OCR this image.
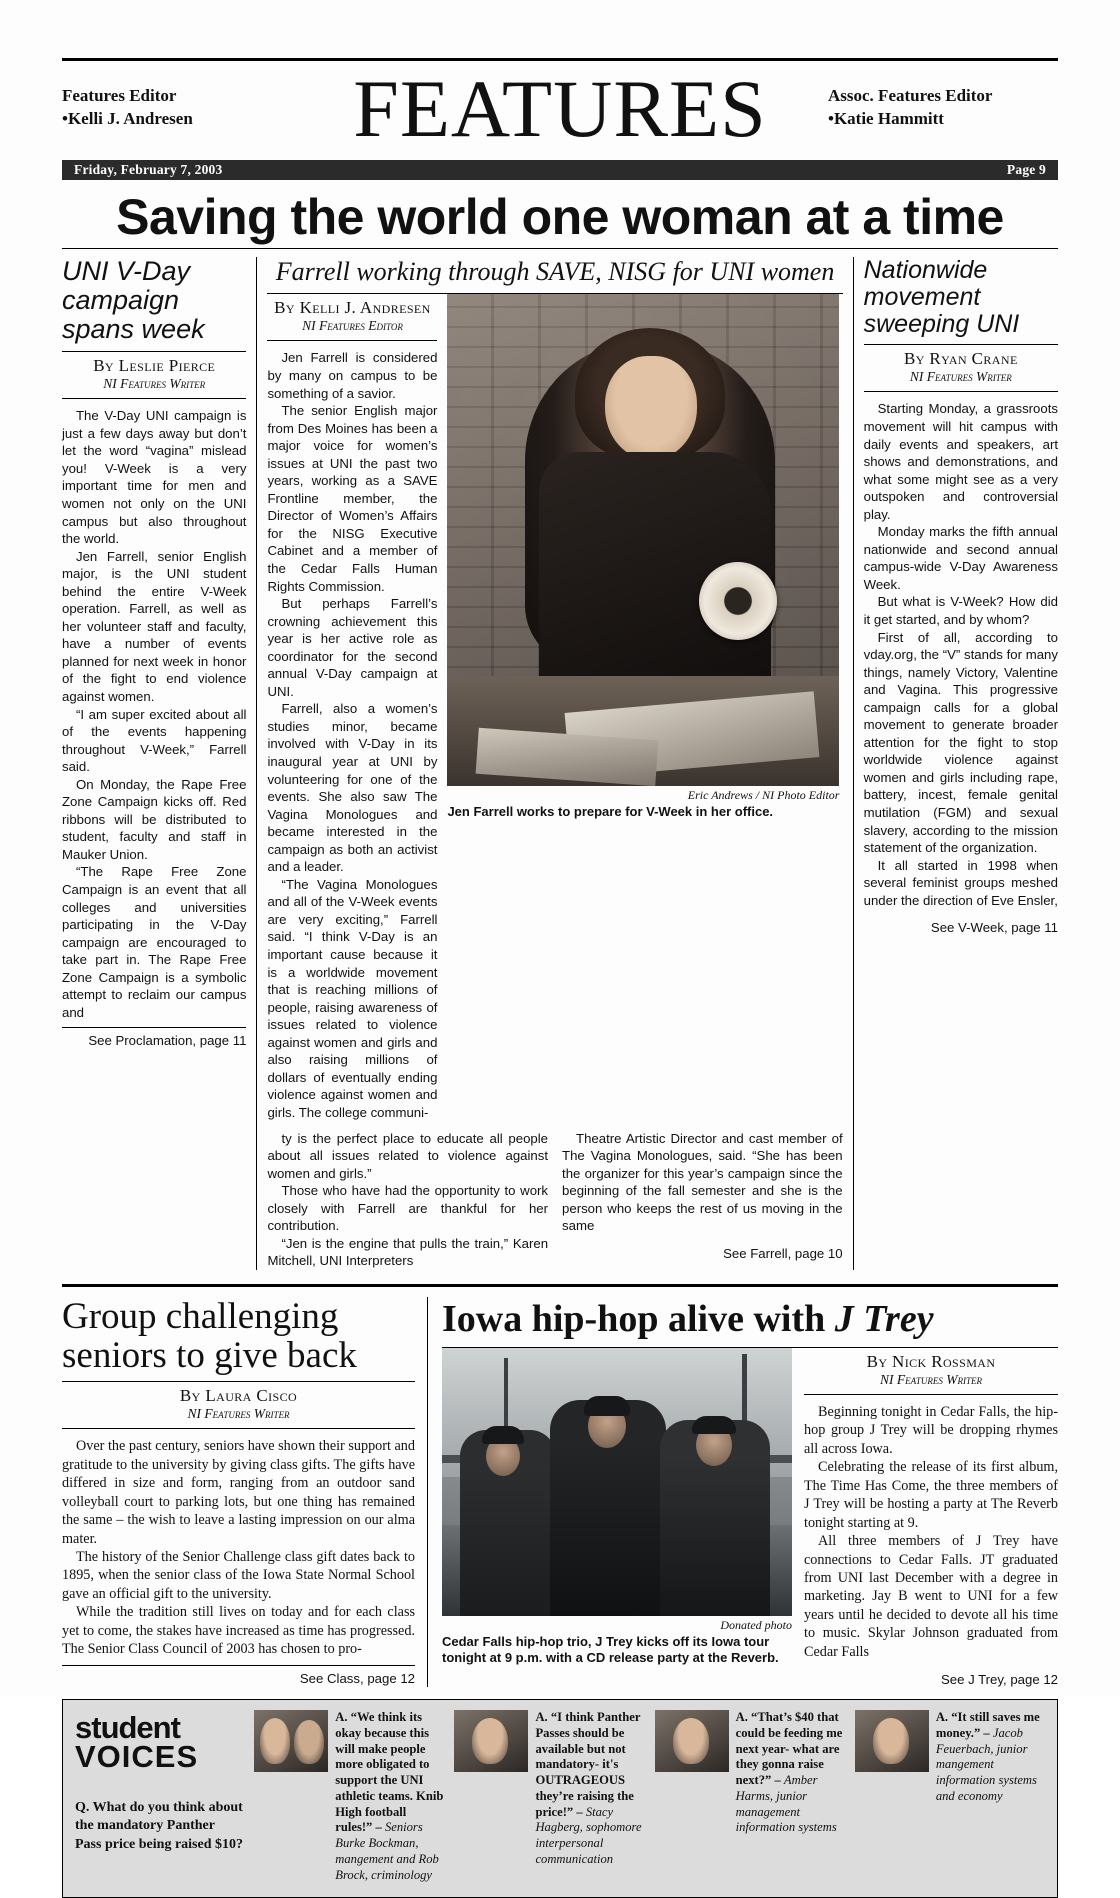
Features Editor
•Kelli J. Andresen	FEATURES	Assoc. Features Editor
•Katie Hammitt
Friday, February 7, 2003	Page 9
Saving the world one woman at a time
UNI V-Day campaign spans week
By Leslie Pierce
NI Features Writer

The V-Day UNI campaign is just a few days away but don’t let the word “vagina” mislead you! V-Week is a very important time for men and women not only on the UNI campus but also throughout the world.

Jen Farrell, senior English major, is the UNI student behind the entire V-Week operation. Farrell, as well as her volunteer staff and faculty, have a number of events planned for next week in honor of the fight to end violence against women.

“I am super excited about all of the events happening throughout V-Week,” Farrell said.

On Monday, the Rape Free Zone Campaign kicks off. Red ribbons will be distributed to student, faculty and staff in Mauker Union.

“The Rape Free Zone Campaign is an event that all colleges and universities participating in the V-Day campaign are encouraged to take part in. The Rape Free Zone Campaign is a symbolic attempt to reclaim our campus and

See Proclamation, page 11
Farrell working through SAVE, NISG for UNI women
By Kelli J. Andresen
NI Features Editor

Jen Farrell is considered by many on campus to be something of a savior.

The senior English major from Des Moines has been a major voice for women’s issues at UNI the past two years, working as a SAVE Frontline member, the Director of Women’s Affairs for the NISG Executive Cabinet and a member of the Cedar Falls Human Rights Commission.

But perhaps Farrell’s crowning achievement this year is her active role as coordinator for the second annual V-Day campaign at UNI.

Farrell, also a women’s studies minor, became involved with V-Day in its inaugural year at UNI by volunteering for one of the events. She also saw The Vagina Monologues and became interested in the campaign as both an activist and a leader.

“The Vagina Monologues and all of the V-Week events are very exciting,” Farrell said. “I think V-Day is an important cause because it is a worldwide movement that is reaching millions of people, raising awareness of issues related to violence against women and girls and also raising millions of dollars of eventually ending violence against women and girls. The college communi-

Eric Andrews / NI Photo Editor
Jen Farrell works to prepare for V-Week in her office.

ty is the perfect place to educate all people about all issues related to violence against women and girls.”

Those who have had the opportunity to work closely with Farrell are thankful for her contribution.

“Jen is the engine that pulls the train,” Karen Mitchell, UNI Interpreters

Theatre Artistic Director and cast member of The Vagina Monologues, said. “She has been the organizer for this year’s campaign since the beginning of the fall semester and she is the person who keeps the rest of us moving in the same

See Farrell, page 10
Nationwide movement sweeping UNI
By Ryan Crane
NI Features Writer

Starting Monday, a grassroots movement will hit campus with daily events and speakers, art shows and demonstrations, and what some might see as a very outspoken and controversial play.

Monday marks the fifth annual nationwide and second annual campus-wide V-Day Awareness Week.

But what is V-Week? How did it get started, and by whom?

First of all, according to vday.org, the “V” stands for many things, namely Victory, Valentine and Vagina. This progressive campaign calls for a global movement to generate broader attention for the fight to stop worldwide violence against women and girls including rape, battery, incest, female genital mutilation (FGM) and sexual slavery, according to the mission statement of the organization.

It all started in 1998 when several feminist groups meshed under the direction of Eve Ensler,

See V-Week, page 11
Group challenging seniors to give back
By Laura Cisco
NI Features Writer

Over the past century, seniors have shown their support and gratitude to the university by giving class gifts. The gifts have differed in size and form, ranging from an outdoor sand volleyball court to parking lots, but one thing has remained the same – the wish to leave a lasting impression on our alma mater.

The history of the Senior Challenge class gift dates back to 1895, when the senior class of the Iowa State Normal School gave an official gift to the university.

While the tradition still lives on today and for each class yet to come, the stakes have increased as time has progressed. The Senior Class Council of 2003 has chosen to pro-

See Class, page 12
Iowa hip-hop alive with J Trey
Donated photo
Cedar Falls hip-hop trio, J Trey kicks off its Iowa tour tonight at 9 p.m. with a CD release party at the Reverb.
By Nick Rossman
NI Features Writer

Beginning tonight in Cedar Falls, the hip-hop group J Trey will be dropping rhymes all across Iowa.

Celebrating the release of its first album, The Time Has Come, the three members of J Trey will be hosting a party at The Reverb tonight starting at 9.

All three members of J Trey have connections to Cedar Falls. JT graduated from UNI last December with a degree in marketing. Jay B went to UNI for a few years until he decided to devote all his time to music. Skylar Johnson graduated from Cedar Falls

See J Trey, page 12
student
VOICES
Q. What do you think about the mandatory Panther Pass price being raised $10?
A. “We think its okay because this will make people more obligated to support the UNI athletic teams. Knib High football rules!” – Seniors Burke Bockman, mangement and Rob Brock, criminology
A. “I think Panther Passes should be available but not mandatory- it's OUTRAGEOUS they’re raising the price!” – Stacy Hagberg, sophomore interpersonal communication
A. “That’s $40 that could be feeding me next year- what are they gonna raise next?” – Amber Harms, junior management information systems
A. “It still saves me money.” – Jacob Feuerbach, junior mangement information systems and economy
